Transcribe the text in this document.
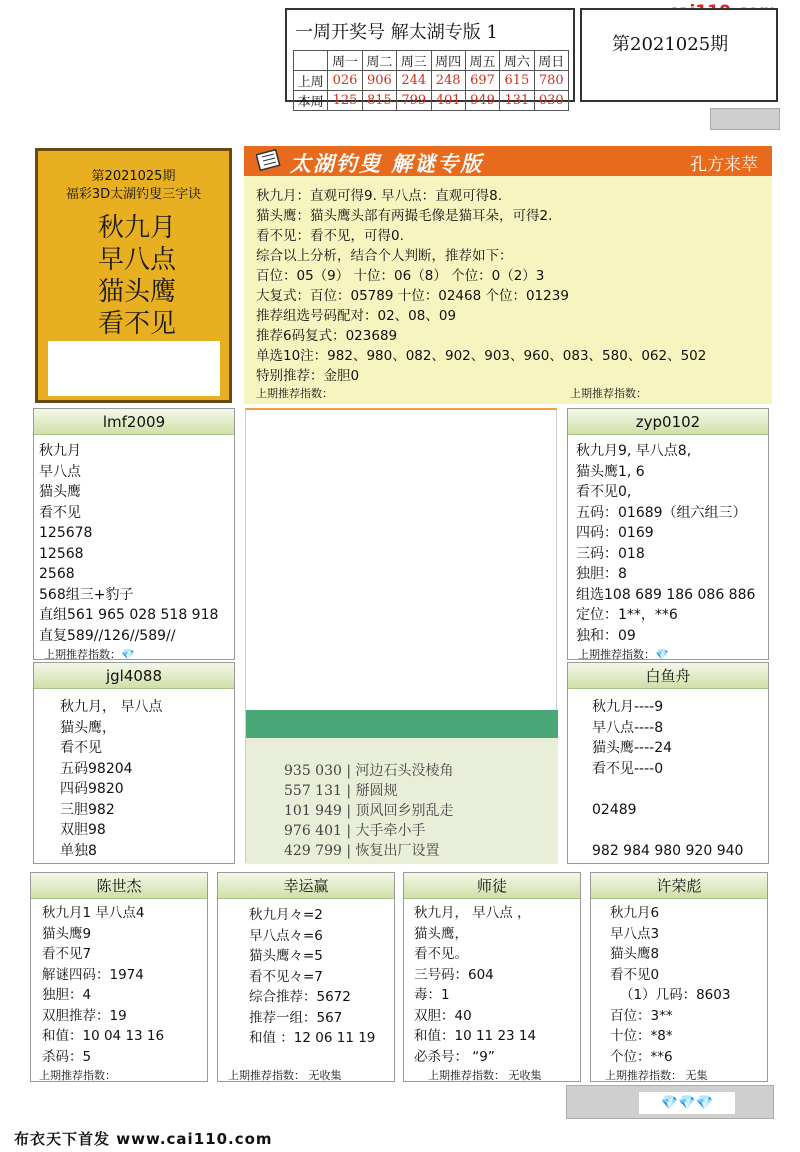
一周开奖号 解太湖专版 1
	周一	周二	周三	周四	周五	周六	周日
上周	026	906	244	248	697	615	780
本周	125	815	799	401	949	131	030
第2021025期
第2021025期
福彩3D太湖钓叟三字诀
秋九月
早八点
猫头鹰
看不见
太湖钓叟 解谜专版	孔方来萃
秋九月：直观可得9. 早八点：直观可得8.
猫头鹰：猫头鹰头部有两撮毛像是猫耳朵，可得2.
看不见：看不见，可得0.
综合以上分析，结合个人判断，推荐如下：
百位：05（9） 十位：06（8） 个位：0（2）3
大复式：百位：05789 十位：02468 个位：01239
推荐组选号码配对：02、08、09
推荐6码复式：023689
单选10注：982、980、082、902、903、960、083、580、062、502
特别推荐：金胆0
上期推荐指数：	上期推荐指数：
lmf2009
秋九月
早八点
猫头鹰
看不见
125678
12568
2568
568组三+豹子
直组561 965 028 518 918
直复589//126//589//
上期推荐指数：💎
zyp0102
秋九月9, 早八点8,
猫头鹰1, 6
看不见0,
五码：01689（组六组三）
四码：0169
三码：018
独胆：8
组选108 689 186 086 886
定位：1**，**6
独和：09
上期推荐指数：💎
jgl4088
秋九月， 早八点
猫头鹰，
看不见
五码98204
四码9820
三胆982
双胆98
单独8
白鱼舟
秋九月----9
早八点----8
猫头鹰----24
看不见----0
02489
982 984 980 920 940
935 030 | 河边石头没棱角
557 131 | 掰圆规
101 949 | 顶风回乡别乱走
976 401 | 大手牵小手
429 799 | 恢复出厂设置
陈世杰
秋九月1 早八点4
猫头鹰9
看不见7
解谜四码：1974
独胆：4
双胆推荐：19
和值：10 04 13 16
杀码：5
上期推荐指数：
幸运赢
秋九月々=2
早八点々=6
猫头鹰々=5
看不见々=7
综合推荐：5672
推荐一组：567
和值 ：12 06 11 19
上期推荐指数： 无收集
师徒
秋九月， 早八点 ，
猫头鹰，
看不见。
三号码：604
毒：1
双胆：40
和值：10 11 23 14
必杀号： “9”
上期推荐指数： 无收集
许荣彪
秋九月6
早八点3
猫头鹰8
看不见0
（1）几码：8603
百位：3**
十位：*8*
个位：**6
上期推荐指数： 无集
💎💎💎
布衣天下首发 www.cai110.com
